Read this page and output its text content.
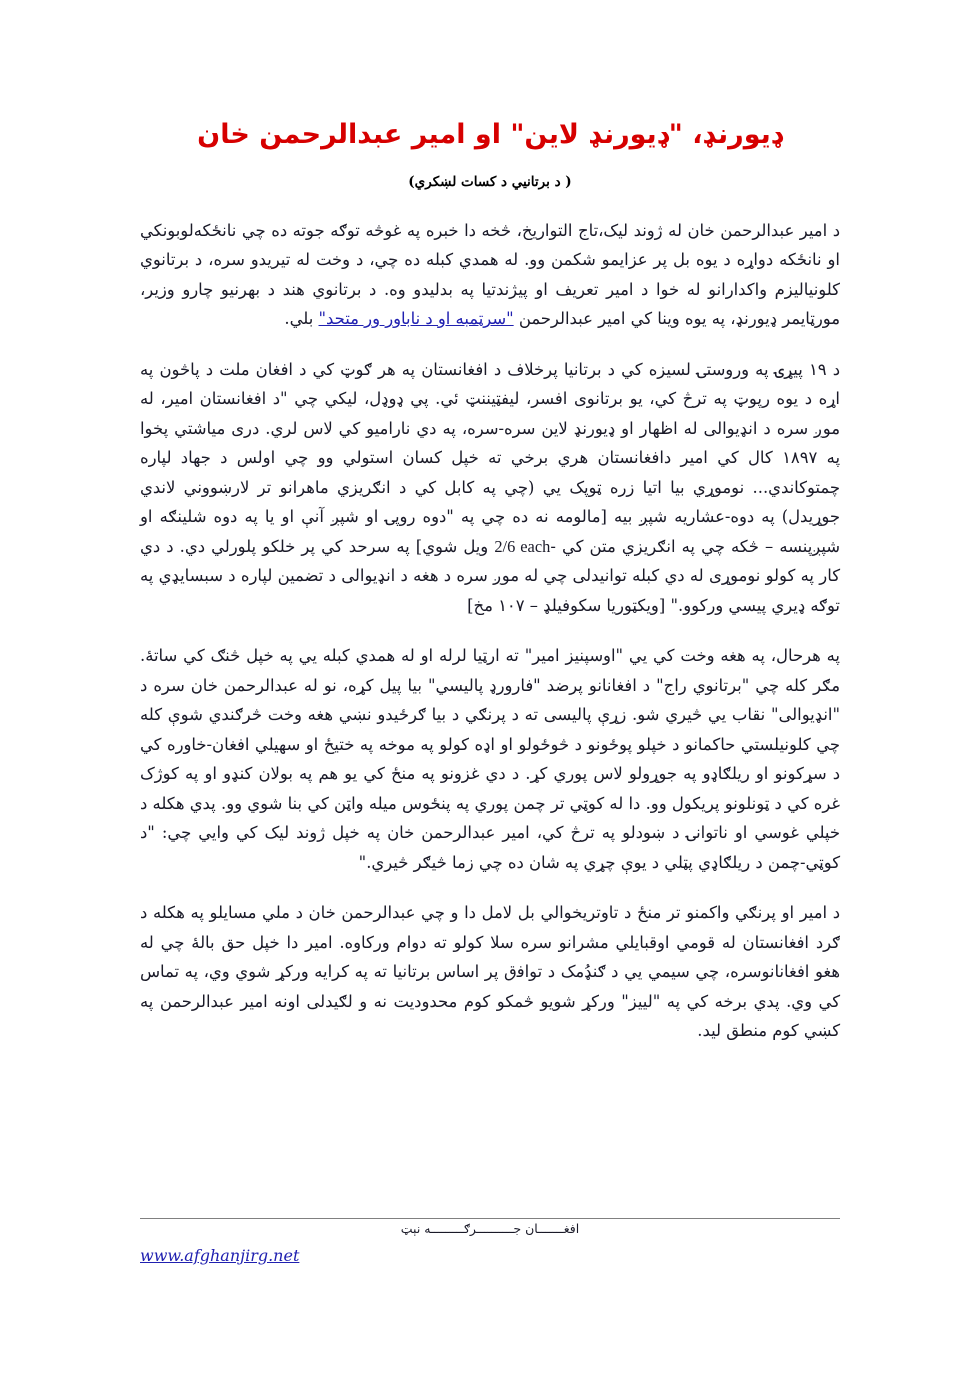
ډيورنډ، "ډيورنډ لاين" او امير عبدالرحمن خان
( د برتانيي د کسات لښکري)

د امير عبدالرحمن خان له ژوند ليک،تاج التواريخ، څخه دا خبره په غوڅه توګه جوته ده چي نانځکه‌لوبونکي او نانځکه دواړه د يوه بل پر عزايمو شکمن وو. له همدي کبله ده چي، د وخت له تيريدو سره، د برتانوي کلونياليزم واکدارانو له خوا د امير تعريف او پيژندتيا په بدليدو وه. د برتانوي هند د بهرنيو چارو وزير، مورټايمر ډيورنډ، په يوه وينا کي امير عبدالرحمن "سرټمبه او د ناباور ور متحد" بلي.

د ١٩ پيړۍ په وروستۍ لسيزه کي د برتانيا پرخلاف د افغانستان په هر ګوټ کي د افغان ملت د پاڅون په اړه د يوه رپوټ په ترڅ کي، يو برتانوى افسر، ليفټيننټ ئي. پي ډوډل، ليکي چي "د افغانستان امير، له موږ سره د انډيوالى له اظهار او ډيورنډ لاين سره-سره، په دي ناراميو کي لاس لري. دری مياشتي پخوا په ١٨٩٧ کال کي امير دافغانستان هري برخي ته خپل کسان استولي وو چي اولس د جهاد لپاره چمتوکاندي... نوموړي بيا اتيا زره ټوپک يي (چي په کابل کي د انګريزي ماهرانو تر لارښووني لاندي جوړيدل) په دوه-عشاريه شپږ بيه [مالومه نه ده چي په "دوه روپۍ او شپږ آنې او يا په دوه شلينګه او شپږپنسه – څکه چي په انګريزي متن کي -2/6 each ويل شوي] په سرحد کي پر خلکو پلورلي دي. د دي کار په کولو نوموړى له دي کبله توانيدلى چي له موږ سره د هغه د انډيوالى د تضمين لپاره د سبسايډي په توګه ډيري پيسي ورکوو." [ويکټوريا سکوفيلډ – ١٠٧ مخ]

په هرحال، په هغه وخت کي يي "اوسپنيز امير" ته ارټيا لرله او له همدي کبله يي په خپل څنګ کي ساتۀ. مګر کله چي "برتانوي راج" د افغانانو پرضد "فارورډ پاليسي" بيا پيل کړه، نو له عبدالرحمن خان سره د "انډيوالى" نقاب يي څيري شو. زړې پاليسى ته د پرنګي د بيا ګرځيدو نښي هغه وخت څرګندي شوې کله چي کلونيلستي حاکمانو د خپلو پوځونو د څوځولو او اډه کولو په موخه په ختيځ او سهيلي افغان-خاوره کي د سړکونو او ريلګاډو په جوړولو لاس پوري کړ. د دي غزونو په منځ کي يو هم په بولان کنډو او په کوژک غره کي د ټونلونو پريکول وو. دا له کوټي تر چمن پوري په پنځوس ميله واټن کي بنا شوي وو. پدي هکله د خپلي غوسي او ناتوانۍ د ښودلو په ترڅ کي، امير عبدالرحمن خان په خپل ژوند ليک کي وايي چي: "د کوټي-چمن د ريلګاډي پټلي د يوې چړي په شان ده چي زما څيګر څيري."

د امير او پرنګي واکمنو تر منځ د تاوتريخوالي بل لامل دا و چي عبدالرحمن خان د ملي مسايلو په هکله د ګرد افغانستان له قومي اوقبايلي مشرانو سره سلا کولو ته دوام ورکاوه. امير دا خپل حق بالۀ چي له هغو افغانانوسره، چي سيمي يي د ګنډُمک د تواﻓق پر اساس برتانيا ته په کرايه ورکړ شوي وي، په تماس کي وي. پدي برخه کي په "لييز" ورکړ شويو څمکو کوم محدوديت نه و لګيدلى اونه امير عبدالرحمن په کښي کوم منطق ليد.

افغـــــــان جــــــــــرګـــــــــه نېټ
www.afghanjirg.net
